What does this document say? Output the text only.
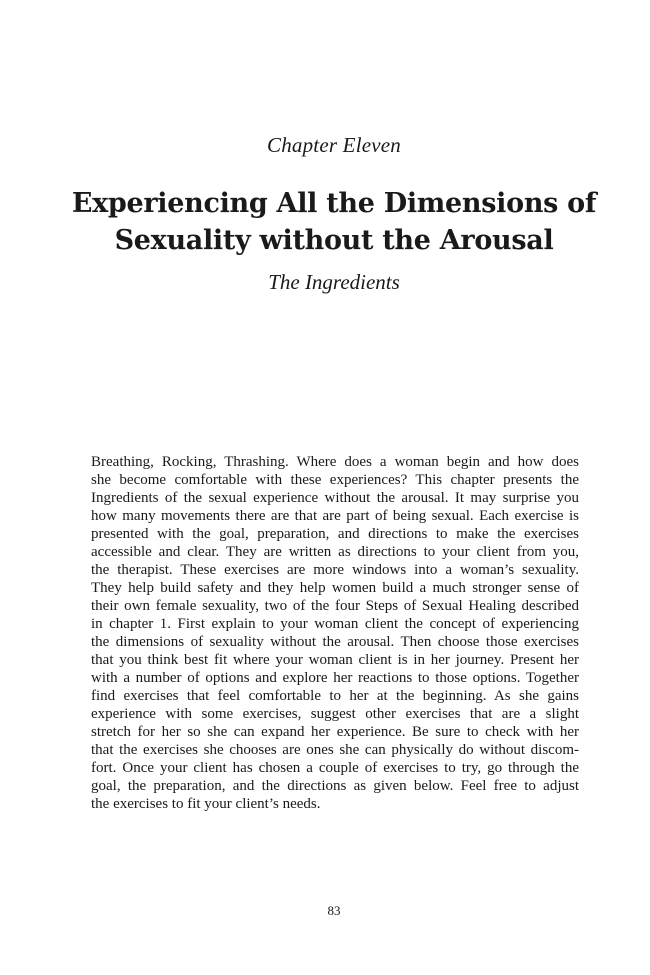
Chapter Eleven
Experiencing All the Dimensions of
Sexuality without the Arousal
The Ingredients
Breathing, Rocking, Thrashing. Where does a woman begin and how does
she become comfortable with these experiences? This chapter presents the
Ingredients of the sexual experience without the arousal. It may surprise you
how many movements there are that are part of being sexual. Each exercise is
presented with the goal, preparation, and directions to make the exercises
accessible and clear. They are written as directions to your client from you,
the therapist. These exercises are more windows into a woman’s sexuality.
They help build safety and they help women build a much stronger sense of
their own female sexuality, two of the four Steps of Sexual Healing described
in chapter 1. First explain to your woman client the concept of experiencing
the dimensions of sexuality without the arousal. Then choose those exercises
that you think best fit where your woman client is in her journey. Present her
with a number of options and explore her reactions to those options. Together
find exercises that feel comfortable to her at the beginning. As she gains
experience with some exercises, suggest other exercises that are a slight
stretch for her so she can expand her experience. Be sure to check with her
that the exercises she chooses are ones she can physically do without discom-
fort. Once your client has chosen a couple of exercises to try, go through the
goal, the preparation, and the directions as given below. Feel free to adjust
the exercises to fit your client’s needs.
83
